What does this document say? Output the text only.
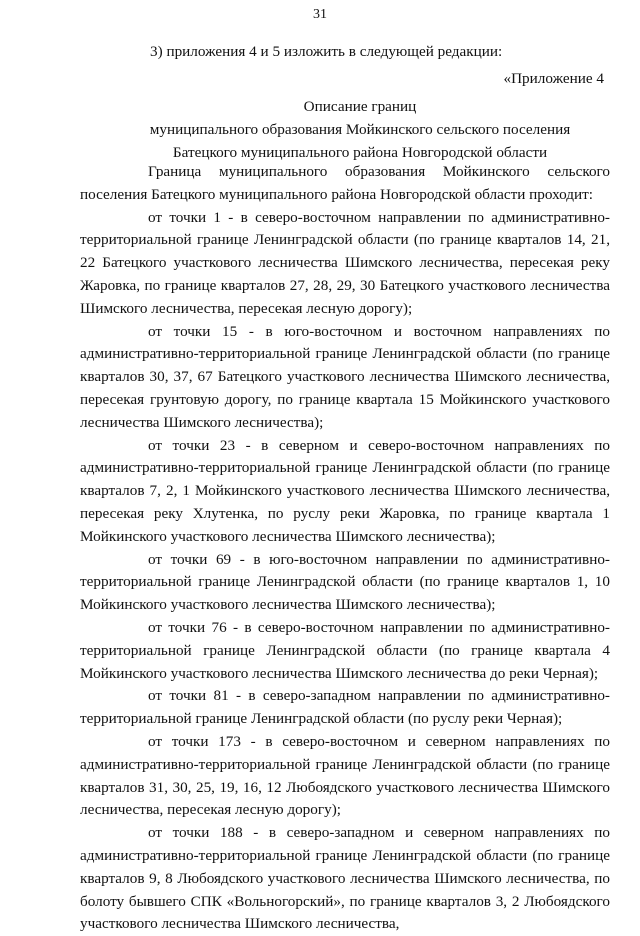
31
3) приложения 4 и 5 изложить в следующей редакции:
«Приложение 4
Описание границ
муниципального образования Мойкинского сельского поселения
Батецкого муниципального района Новгородской области

Граница муниципального образования Мойкинского сельского поселения Батецкого муниципального района Новгородской области проходит:

от точки 1 - в северо-восточном направлении по административно-территориальной границе Ленинградской области (по границе кварталов 14, 21, 22 Батецкого участкового лесничества Шимского лесничества, пересекая реку Жаровка, по границе кварталов 27, 28, 29, 30 Батецкого участкового лесничества Шимского лесничества, пересекая лесную дорогу);

от точки 15 - в юго-восточном и восточном направлениях по административно-территориальной границе Ленинградской области (по границе кварталов 30, 37, 67 Батецкого участкового лесничества Шимского лесничества, пересекая грунтовую дорогу, по границе квартала 15 Мойкинского участкового лесничества Шимского лесничества);

от точки 23 - в северном и северо-восточном направлениях по административно-территориальной границе Ленинградской области (по границе кварталов 7, 2, 1 Мойкинского участкового лесничества Шимского лесничества, пересекая реку Хлутенка, по руслу реки Жаровка, по границе квартала 1 Мойкинского участкового лесничества Шимского лесничества);

от точки 69 - в юго-восточном направлении по административно-территориальной границе Ленинградской области (по границе кварталов 1, 10 Мойкинского участкового лесничества Шимского лесничества);

от точки 76 - в северо-восточном направлении по административно-территориальной границе Ленинградской области (по границе квартала 4 Мойкинского участкового лесничества Шимского лесничества до реки Черная);

от точки 81 - в северо-западном направлении по административно-территориальной границе Ленинградской области (по руслу реки Черная);

от точки 173 - в северо-восточном и северном направлениях по административно-территориальной границе Ленинградской области (по границе кварталов 31, 30, 25, 19, 16, 12 Любоядского участкового лесничества Шимского лесничества, пересекая лесную дорогу);

от точки 188 - в северо-западном и северном направлениях по административно-территориальной границе Ленинградской области (по границе кварталов 9, 8 Любоядского участкового лесничества Шимского лесничества, по болоту бывшего СПК «Вольногорский», по границе кварталов 3, 2 Любоядского участкового лесничества Шимского лесничества,
